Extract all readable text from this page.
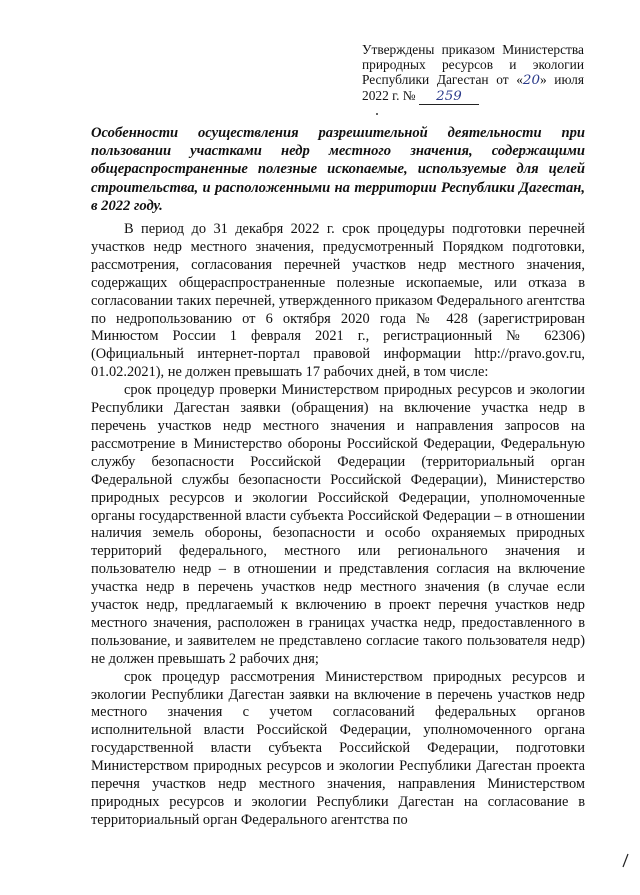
Утверждены приказом Министерства природных ресурсов и экологии Республики Дагестан от «20» июля 2022 г. № 259
Особенности осуществления разрешительной деятельности при пользовании участками недр местного значения, содержащими общераспространенные полезные ископаемые, используемые для целей строительства, и расположенными на территории Республики Дагестан, в 2022 году.

В период до 31 декабря 2022 г. срок процедуры подготовки перечней участков недр местного значения, предусмотренный Порядком подготовки, рассмотрения, согласования перечней участков недр местного значения, содержащих общераспространенные полезные ископаемые, или отказа в согласовании таких перечней, утвержденного приказом Федерального агентства по недропользованию от 6 октября 2020 года № 428 (зарегистрирован Минюстом России 1 февраля 2021 г., регистрационный № 62306) (Официальный интернет-портал правовой информации http://pravo.gov.ru, 01.02.2021), не должен превышать 17 рабочих дней, в том числе:

срок процедур проверки Министерством природных ресурсов и экологии Республики Дагестан заявки (обращения) на включение участка недр в перечень участков недр местного значения и направления запросов на рассмотрение в Министерство обороны Российской Федерации, Федеральную службу безопасности Российской Федерации (территориальный орган Федеральной службы безопасности Российской Федерации), Министерство природных ресурсов и экологии Российской Федерации, уполномоченные органы государственной власти субъекта Российской Федерации – в отношении наличия земель обороны, безопасности и особо охраняемых природных территорий федерального, местного или регионального значения и пользователю недр – в отношении и представления согласия на включение участка недр в перечень участков недр местного значения (в случае если участок недр, предлагаемый к включению в проект перечня участков недр местного значения, расположен в границах участка недр, предоставленного в пользование, и заявителем не представлено согласие такого пользователя недр) не должен превышать 2 рабочих дня;

срок процедур рассмотрения Министерством природных ресурсов и экологии Республики Дагестан заявки на включение в перечень участков недр местного значения с учетом согласований федеральных органов исполнительной власти Российской Федерации, уполномоченного органа государственной власти субъекта Российской Федерации, подготовки Министерством природных ресурсов и экологии Республики Дагестан проекта перечня участков недр местного значения, направления Министерством природных ресурсов и экологии Республики Дагестан на согласование в территориальный орган Федерального агентства по
